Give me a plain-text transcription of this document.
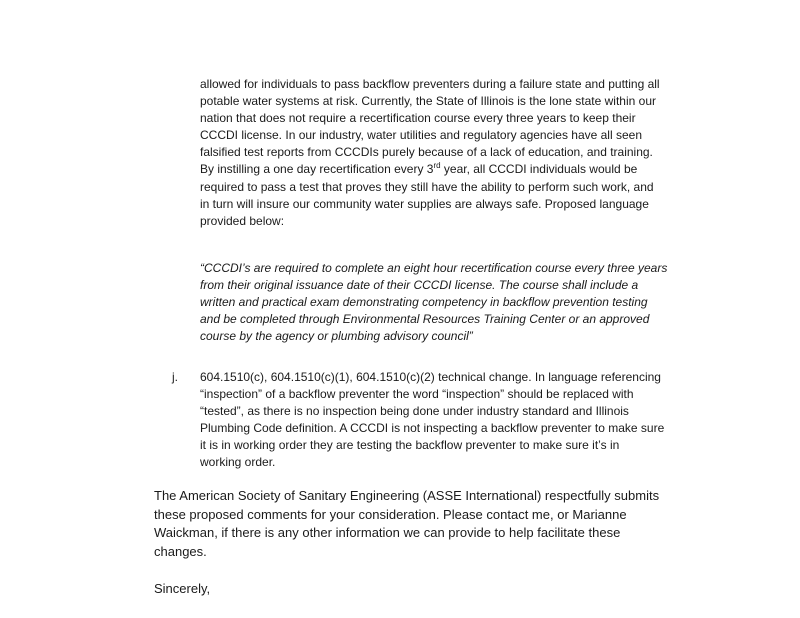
allowed for individuals to pass backflow preventers during a failure state and putting all
potable water systems at risk. Currently, the State of Illinois is the lone state within our
nation that does not require a recertification course every three years to keep their
CCCDI license. In our industry, water utilities and regulatory agencies have all seen
falsified test reports from CCCDIs purely because of a lack of education, and training.
By instilling a one day recertification every 3rd year, all CCCDI individuals would be
required to pass a test that proves they still have the ability to perform such work, and
in turn will insure our community water supplies are always safe. Proposed language
provided below:

“CCCDI’s are required to complete an eight hour recertification course every three years
from their original issuance date of their CCCDI license. The course shall include a
written and practical exam demonstrating competency in backflow prevention testing
and be completed through Environmental Resources Training Center or an approved
course by the agency or plumbing advisory council”

j. 604.1510(c), 604.1510(c)(1), 604.1510(c)(2) technical change. In language referencing
“inspection” of a backflow preventer the word “inspection” should be replaced with
“tested”, as there is no inspection being done under industry standard and Illinois
Plumbing Code definition. A CCCDI is not inspecting a backflow preventer to make sure
it is in working order they are testing the backflow preventer to make sure it’s in
working order.

The American Society of Sanitary Engineering (ASSE International) respectfully submits
these proposed comments for your consideration. Please contact me, or Marianne
Waickman, if there is any other information we can provide to help facilitate these
changes.

Sincerely,
